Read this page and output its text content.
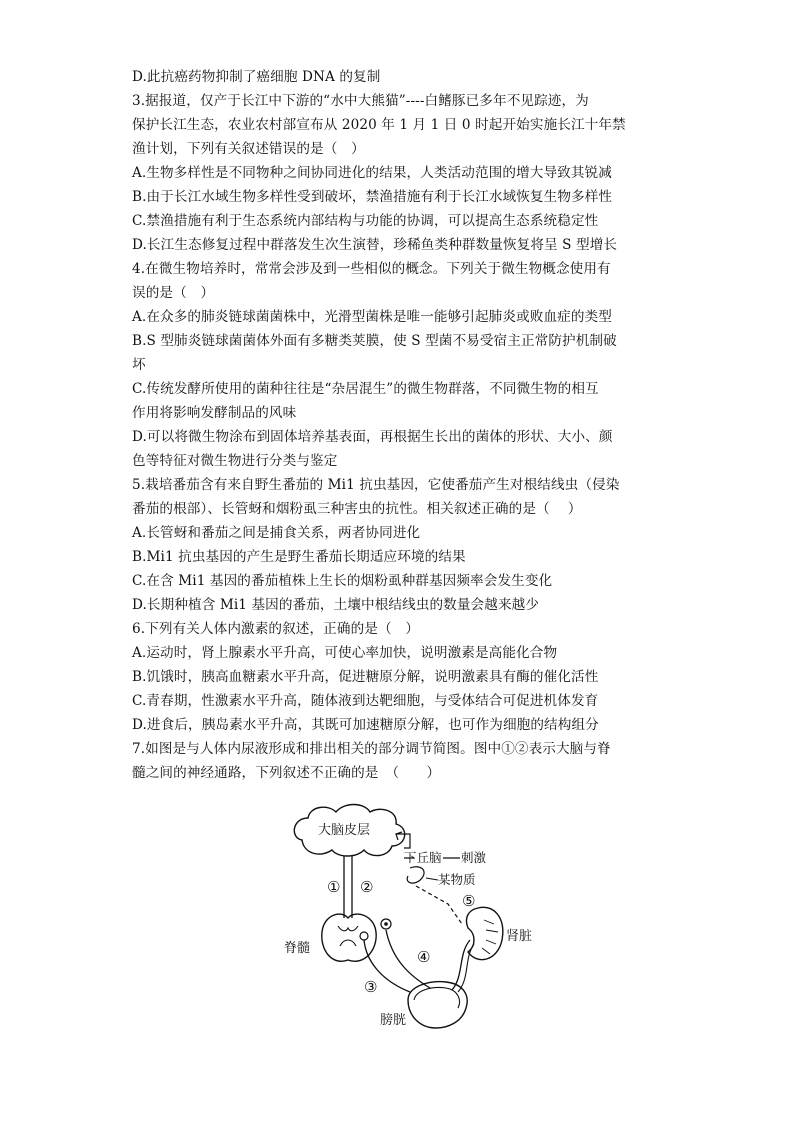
D.此抗癌药物抑制了癌细胞 DNA 的复制
3.据报道，仅产于长江中下游的“水中大熊猫”----白鳍豚已多年不见踪迹，为
保护长江生态，农业农村部宣布从 2020 年 1 月 1 日 0 时起开始实施长江十年禁
渔计划，下列有关叙述错误的是（　）
A.生物多样性是不同物种之间协同进化的结果，人类活动范围的增大导致其锐减
B.由于长江水域生物多样性受到破坏，禁渔措施有利于长江水域恢复生物多样性
C.禁渔措施有利于生态系统内部结构与功能的协调，可以提高生态系统稳定性
D.长江生态修复过程中群落发生次生演替，珍稀鱼类种群数量恢复将呈 S 型增长
4.在微生物培养时，常常会涉及到一些相似的概念。下列关于微生物概念使用有
误的是（　）
A.在众多的肺炎链球菌菌株中，光滑型菌株是唯一能够引起肺炎或败血症的类型
B.S 型肺炎链球菌菌体外面有多糖类荚膜，使 S 型菌不易受宿主正常防护机制破
坏
C.传统发酵所使用的菌种往往是“杂居混生”的微生物群落，不同微生物的相互
作用将影响发酵制品的风味
D.可以将微生物涂布到固体培养基表面，再根据生长出的菌体的形状、大小、颜
色等特征对微生物进行分类与鉴定
5.栽培番茄含有来自野生番茄的 Mi1 抗虫基因，它使番茄产生对根结线虫（侵染
番茄的根部）、长管蚜和烟粉虱三种害虫的抗性。相关叙述正确的是（　 ）
A.长管蚜和番茄之间是捕食关系，两者协同进化
B.Mi1 抗虫基因的产生是野生番茄长期适应环境的结果
C.在含 Mi1 基因的番茄植株上生长的烟粉虱种群基因频率会发生变化
D.长期种植含 Mi1 基因的番茄，土壤中根结线虫的数量会越来越少
6.下列有关人体内激素的叙述，正确的是（　）
A.运动时，肾上腺素水平升高，可使心率加快，说明激素是高能化合物
B.饥饿时，胰高血糖素水平升高，促进糖原分解，说明激素具有酶的催化活性
C.青春期，性激素水平升高，随体液到达靶细胞，与受体结合可促进机体发育
D.进食后，胰岛素水平升高，其既可加速糖原分解，也可作为细胞的结构组分
7.如图是与人体内尿液形成和排出相关的部分调节简图。图中①②表示大脑与脊
髓之间的神经通路，下列叙述不正确的是　（　　）
大脑皮层
① ②
下丘脑 刺激
某物质
⑤
脊髓	④
③
肾脏
膀胱
